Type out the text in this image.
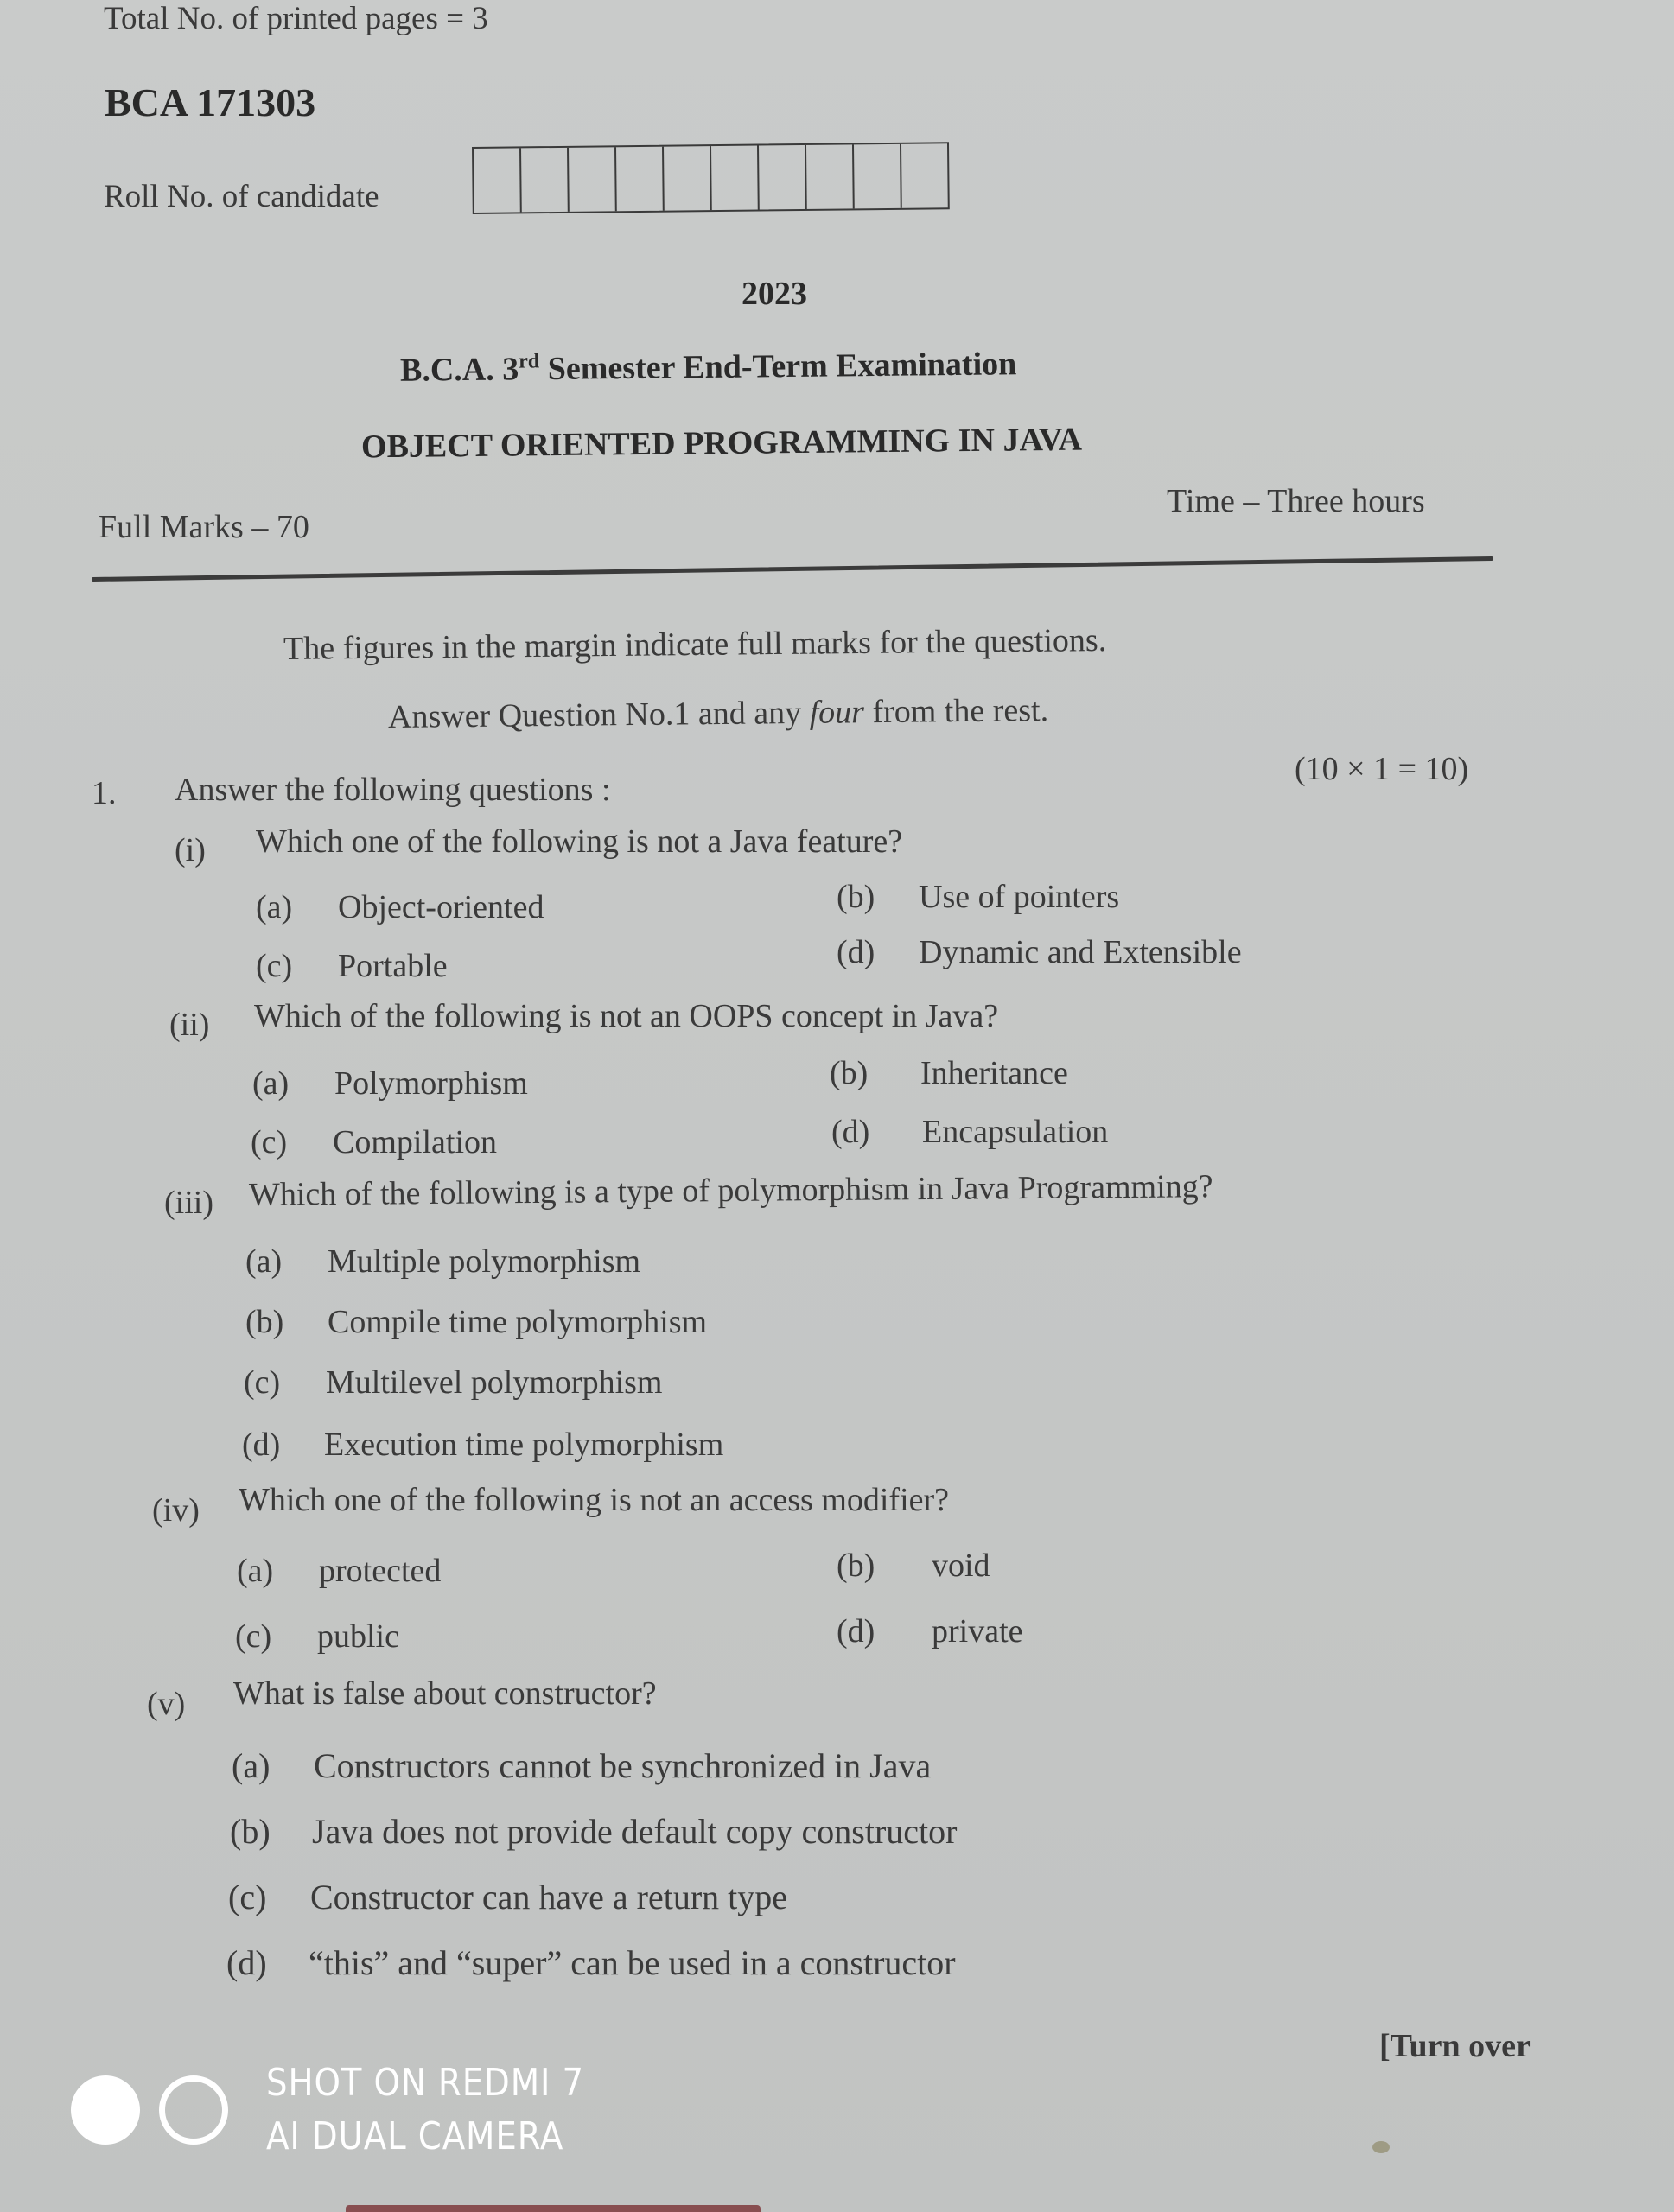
Total No. of printed pages = 3
BCA 171303
Roll No. of candidate
2023
B.C.A. 3rd Semester End-Term Examination
OBJECT ORIENTED PROGRAMMING IN JAVA
Full Marks – 70
Time – Three hours
The figures in the margin indicate full marks for the questions.
Answer Question No.1 and any four from the rest.
1. Answer the following questions :
(10 × 1 = 10)
(i) Which one of the following is not a Java feature?
(a) Object-oriented	(b) Use of pointers
(c) Portable	(d) Dynamic and Extensible
(ii) Which of the following is not an OOPS concept in Java?
(a) Polymorphism	(b) Inheritance
(c) Compilation	(d) Encapsulation
(iii) Which of the following is a type of polymorphism in Java Programming?
(a) Multiple polymorphism
(b) Compile time polymorphism
(c) Multilevel polymorphism
(d) Execution time polymorphism
(iv) Which one of the following is not an access modifier?
(a) protected	(b) void
(c) public	(d) private
(v) What is false about constructor?
(a) Constructors cannot be synchronized in Java
(b) Java does not provide default copy constructor
(c) Constructor can have a return type
(d) “this” and “super” can be used in a constructor
[Turn over
SHOT ON REDMI 7
AI DUAL CAMERA
